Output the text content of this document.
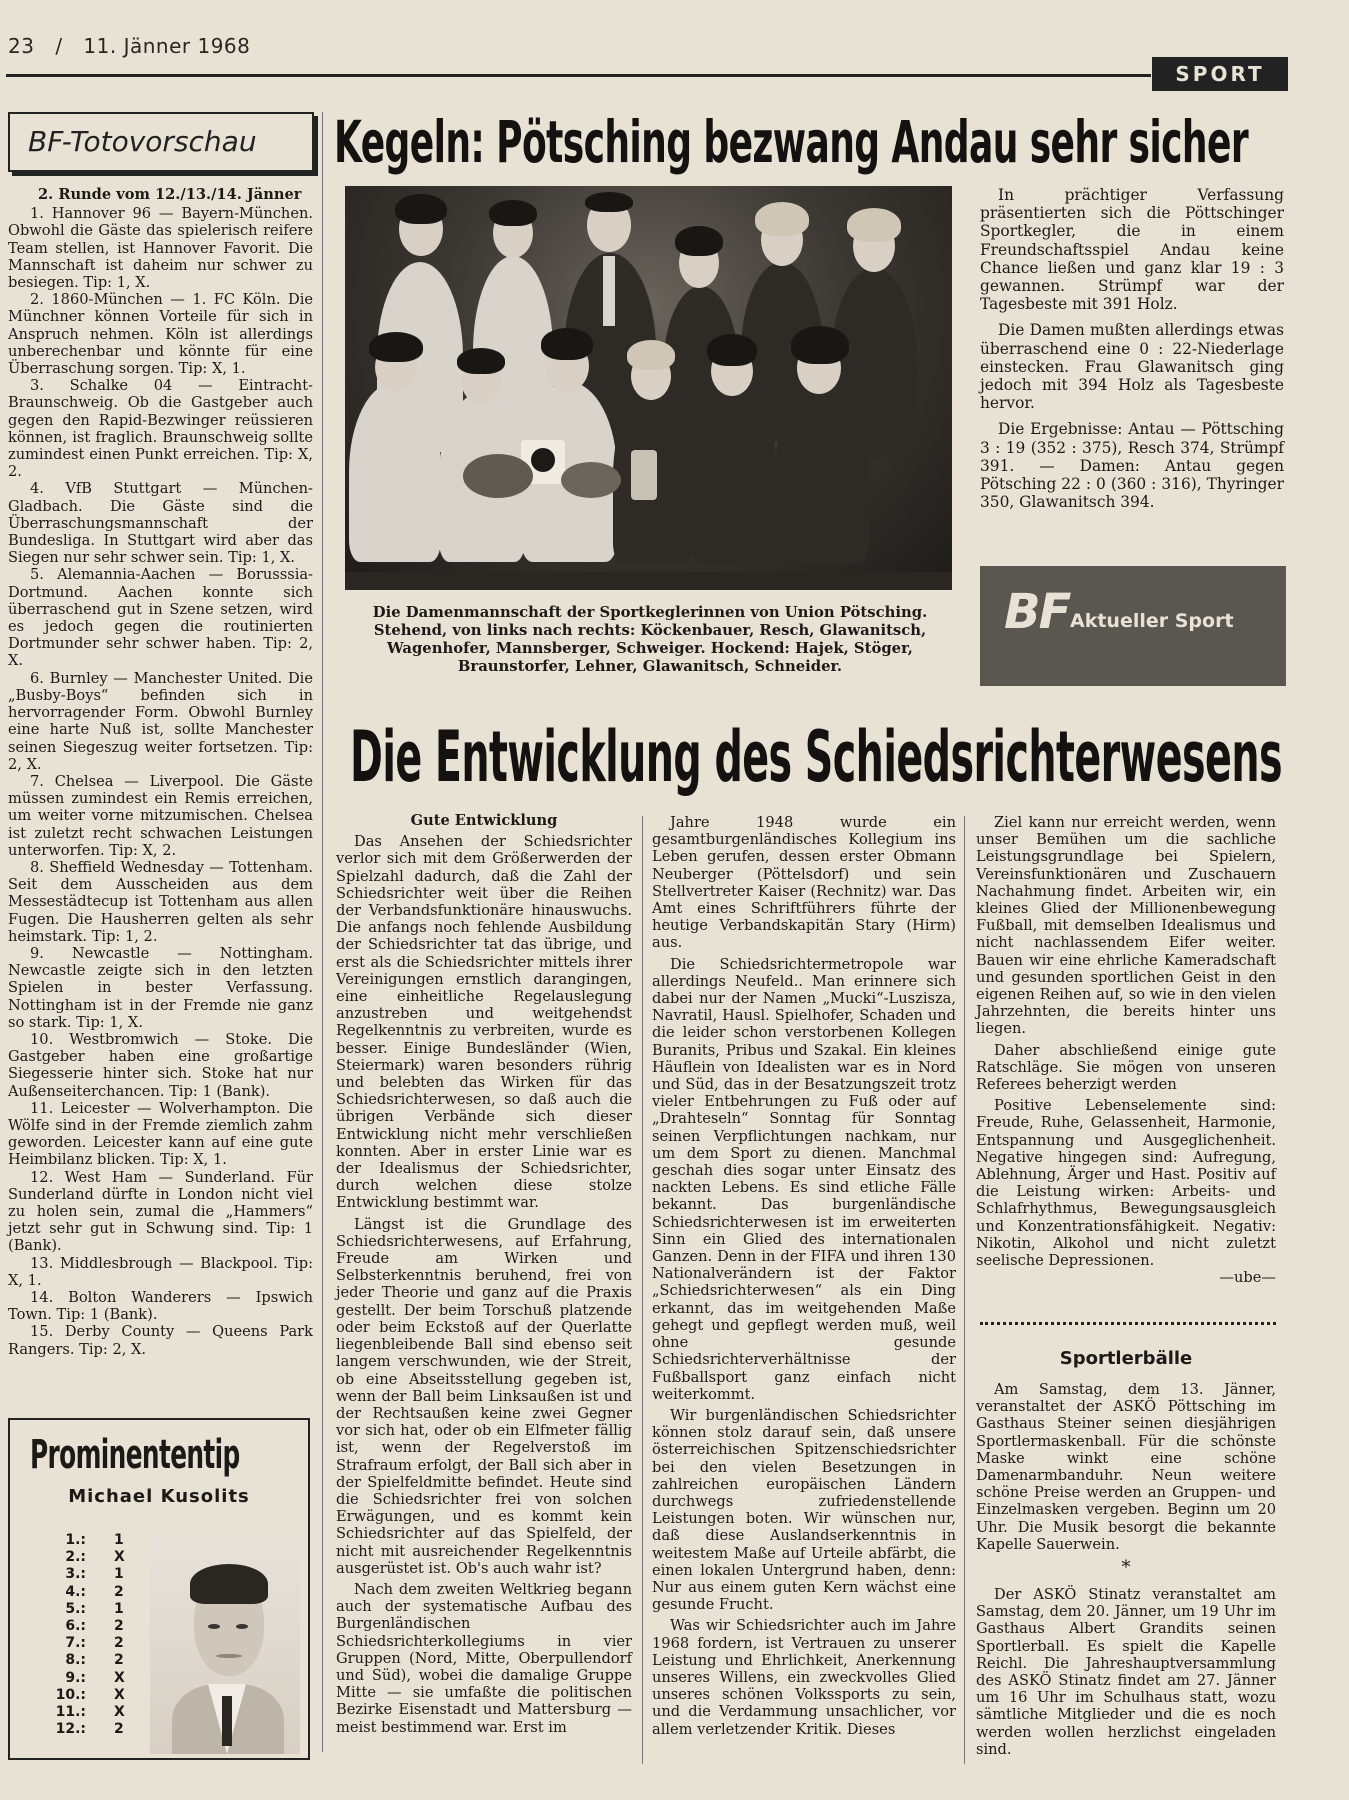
23 / 11. Jänner 1968
SPORT
BF-Totovorschau

2. Runde vom 12./13./14. Jänner

1. Hannover 96 — Bayern-München. Obwohl die Gäste das spielerisch reifere Team stellen, ist Hannover Favorit. Die Mannschaft ist daheim nur schwer zu besiegen. Tip: 1, X.

2. 1860-München — 1. FC Köln. Die Münchner können Vorteile für sich in Anspruch nehmen. Köln ist allerdings unberechenbar und könnte für eine Überraschung sorgen. Tip: X, 1.

3. Schalke 04 — Eintracht-Braunschweig. Ob die Gastgeber auch gegen den Rapid-Bezwinger reüssieren können, ist fraglich. Braunschweig sollte zumindest einen Punkt erreichen. Tip: X, 2.

4. VfB Stuttgart — München-Gladbach. Die Gäste sind die Überraschungsmannschaft der Bundesliga. In Stuttgart wird aber das Siegen nur sehr schwer sein. Tip: 1, X.

5. Alemannia-Aachen — Borusssia-Dortmund. Aachen konnte sich überraschend gut in Szene setzen, wird es jedoch gegen die routinierten Dortmunder sehr schwer haben. Tip: 2, X.

6. Burnley — Manchester United. Die „Busby-Boys“ befinden sich in hervorragender Form. Obwohl Burnley eine harte Nuß ist, sollte Manchester seinen Siegeszug weiter fortsetzen. Tip: 2, X.

7. Chelsea — Liverpool. Die Gäste müssen zumindest ein Remis erreichen, um weiter vorne mitzumischen. Chelsea ist zuletzt recht schwachen Leistungen unterworfen. Tip: X, 2.

8. Sheffield Wednesday — Tottenham. Seit dem Ausscheiden aus dem Messestädtecup ist Tottenham aus allen Fugen. Die Hausherren gelten als sehr heimstark. Tip: 1, 2.

9. Newcastle — Nottingham. Newcastle zeigte sich in den letzten Spielen in bester Verfassung. Nottingham ist in der Fremde nie ganz so stark. Tip: 1, X.

10. Westbromwich — Stoke. Die Gastgeber haben eine großartige Siegesserie hinter sich. Stoke hat nur Außenseiterchancen. Tip: 1 (Bank).

11. Leicester — Wolverhampton. Die Wölfe sind in der Fremde ziemlich zahm geworden. Leicester kann auf eine gute Heimbilanz blicken. Tip: X, 1.

12. West Ham — Sunderland. Für Sunderland dürfte in London nicht viel zu holen sein, zumal die „Hammers“ jetzt sehr gut in Schwung sind. Tip: 1 (Bank).

13. Middlesbrough — Blackpool. Tip: X, 1.

14. Bolton Wanderers — Ipswich Town. Tip: 1 (Bank).

15. Derby County — Queens Park Rangers. Tip: 2, X.

Prominententip
Michael Kusolits
1.:	1
2.:	X
3.:	1
4.:	2
5.:	1
6.:	2
7.:	2
8.:	2
9.:	X
10.:	X
11.:	X
12.:	2
Kegeln: Pötsching bezwang Andau sehr sicher

Die Damenmannschaft der Sportkeglerinnen von Union Pötsching. Stehend, von links nach rechts: Köckenbauer, Resch, Glawanitsch, Wagenhofer, Mannsberger, Schweiger. Hockend: Hajek, Stöger, Braunstorfer, Lehner, Glawanitsch, Schneider.

In prächtiger Verfassung präsentierten sich die Pöttschinger Sportkegler, die in einem Freundschaftsspiel Andau keine Chance ließen und ganz klar 19 : 3 gewannen. Strümpf war der Tagesbeste mit 391 Holz.

Die Damen mußten allerdings etwas überraschend eine 0 : 22-Niederlage einstecken. Frau Glawanitsch ging jedoch mit 394 Holz als Tagesbeste hervor.

Die Ergebnisse: Antau — Pöttsching 3 : 19 (352 : 375), Resch 374, Strümpf 391. — Damen: Antau gegen Pötsching 22 : 0 (360 : 316), Thyringer 350, Glawanitsch 394.

BF Aktueller Sport
Die Entwicklung des Schiedsrichterwesens

Gute Entwicklung

Das Ansehen der Schiedsrichter verlor sich mit dem Größerwerden der Spielzahl dadurch, daß die Zahl der Schiedsrichter weit über die Reihen der Verbandsfunktionäre hinauswuchs. Die anfangs noch fehlende Ausbildung der Schiedsrichter tat das übrige, und erst als die Schiedsrichter mittels ihrer Vereinigungen ernstlich darangingen, eine einheitliche Regelauslegung anzustreben und weitgehendst Regelkenntnis zu verbreiten, wurde es besser. Einige Bundesländer (Wien, Steiermark) waren besonders rührig und belebten das Wirken für das Schiedsrichterwesen, so daß auch die übrigen Verbände sich dieser Entwicklung nicht mehr verschließen konnten. Aber in erster Linie war es der Idealismus der Schiedsrichter, durch welchen diese stolze Entwicklung bestimmt war.

Längst ist die Grundlage des Schiedsrichterwesens, auf Erfahrung, Freude am Wirken und Selbsterkenntnis beruhend, frei von jeder Theorie und ganz auf die Praxis gestellt. Der beim Torschuß platzende oder beim Eckstoß auf der Querlatte liegenbleibende Ball sind ebenso seit langem verschwunden, wie der Streit, ob eine Abseitsstellung gegeben ist, wenn der Ball beim Linksaußen ist und der Rechtsaußen keine zwei Gegner vor sich hat, oder ob ein Elfmeter fällig ist, wenn der Regelverstoß im Strafraum erfolgt, der Ball sich aber in der Spielfeldmitte befindet. Heute sind die Schiedsrichter frei von solchen Erwägungen, und es kommt kein Schiedsrichter auf das Spielfeld, der nicht mit ausreichender Regelkenntnis ausgerüstet ist. Ob's auch wahr ist?

Nach dem zweiten Weltkrieg begann auch der systematische Aufbau des Burgenländischen Schiedsrichterkollegiums in vier Gruppen (Nord, Mitte, Oberpullendorf und Süd), wobei die damalige Gruppe Mitte — sie umfaßte die politischen Bezirke Eisenstadt und Mattersburg — meist bestimmend war. Erst im

Jahre 1948 wurde ein gesamtburgenländisches Kollegium ins Leben gerufen, dessen erster Obmann Neuberger (Pöttelsdorf) und sein Stellvertreter Kaiser (Rechnitz) war. Das Amt eines Schriftführers führte der heutige Verbandskapitän Stary (Hirm) aus.

Die Schiedsrichtermetropole war allerdings Neufeld.. Man erinnere sich dabei nur der Namen „Mucki“-Luszisza, Navratil, Hausl. Spielhofer, Schaden und die leider schon verstorbenen Kollegen Buranits, Pribus und Szakal. Ein kleines Häuflein von Idealisten war es in Nord und Süd, das in der Besatzungszeit trotz vieler Entbehrungen zu Fuß oder auf „Drahteseln“ Sonntag für Sonntag seinen Verpflichtungen nachkam, nur um dem Sport zu dienen. Manchmal geschah dies sogar unter Einsatz des nackten Lebens. Es sind etliche Fälle bekannt. Das burgenländische Schiedsrichterwesen ist im erweiterten Sinn ein Glied des internationalen Ganzen. Denn in der FIFA und ihren 130 Nationalverändern ist der Faktor „Schiedsrichterwesen“ als ein Ding erkannt, das im weitgehenden Maße gehegt und gepflegt werden muß, weil ohne gesunde Schiedsrichterverhältnisse der Fußballsport ganz einfach nicht weiterkommt.

Wir burgenländischen Schiedsrichter können stolz darauf sein, daß unsere österreichischen Spitzenschiedsrichter bei den vielen Besetzungen in zahlreichen europäischen Ländern durchwegs zufriedenstellende Leistungen boten. Wir wünschen nur, daß diese Auslandserkenntnis in weitestem Maße auf Urteile abfärbt, die einen lokalen Untergrund haben, denn: Nur aus einem guten Kern wächst eine gesunde Frucht.

Was wir Schiedsrichter auch im Jahre 1968 fordern, ist Vertrauen zu unserer Leistung und Ehrlichkeit, Anerkennung unseres Willens, ein zweckvolles Glied unseres schönen Volkssports zu sein, und die Verdammung unsachlicher, vor allem verletzender Kritik. Dieses

Ziel kann nur erreicht werden, wenn unser Bemühen um die sachliche Leistungsgrundlage bei Spielern, Vereinsfunktionären und Zuschauern Nachahmung findet. Arbeiten wir, ein kleines Glied der Millionenbewegung Fußball, mit demselben Idealismus und nicht nachlassendem Eifer weiter. Bauen wir eine ehrliche Kameradschaft und gesunden sportlichen Geist in den eigenen Reihen auf, so wie in den vielen Jahrzehnten, die bereits hinter uns liegen.

Daher abschließend einige gute Ratschläge. Sie mögen von unseren Referees beherzigt werden

Positive Lebenselemente sind: Freude, Ruhe, Gelassenheit, Harmonie, Entspannung und Ausgeglichenheit. Negative hingegen sind: Aufregung, Ablehnung, Ärger und Hast. Positiv auf die Leistung wirken: Arbeits- und Schlafrhythmus, Bewegungsausgleich und Konzentrationsfähigkeit. Negativ: Nikotin, Alkohol und nicht zuletzt seelische Depressionen.

—ube—
Sportlerbälle

Am Samstag, dem 13. Jänner, veranstaltet der ASKÖ Pöttsching im Gasthaus Steiner seinen diesjährigen Sportlermaskenball. Für die schönste Maske winkt eine schöne Damenarmbanduhr. Neun weitere schöne Preise werden an Gruppen- und Einzelmasken vergeben. Beginn um 20 Uhr. Die Musik besorgt die bekannte Kapelle Sauerwein.

*

Der ASKÖ Stinatz veranstaltet am Samstag, dem 20. Jänner, um 19 Uhr im Gasthaus Albert Grandits seinen Sportlerball. Es spielt die Kapelle Reichl. Die Jahreshauptversammlung des ASKÖ Stinatz findet am 27. Jänner um 16 Uhr im Schulhaus statt, wozu sämtliche Mitglieder und die es noch werden wollen herzlichst eingeladen sind.
